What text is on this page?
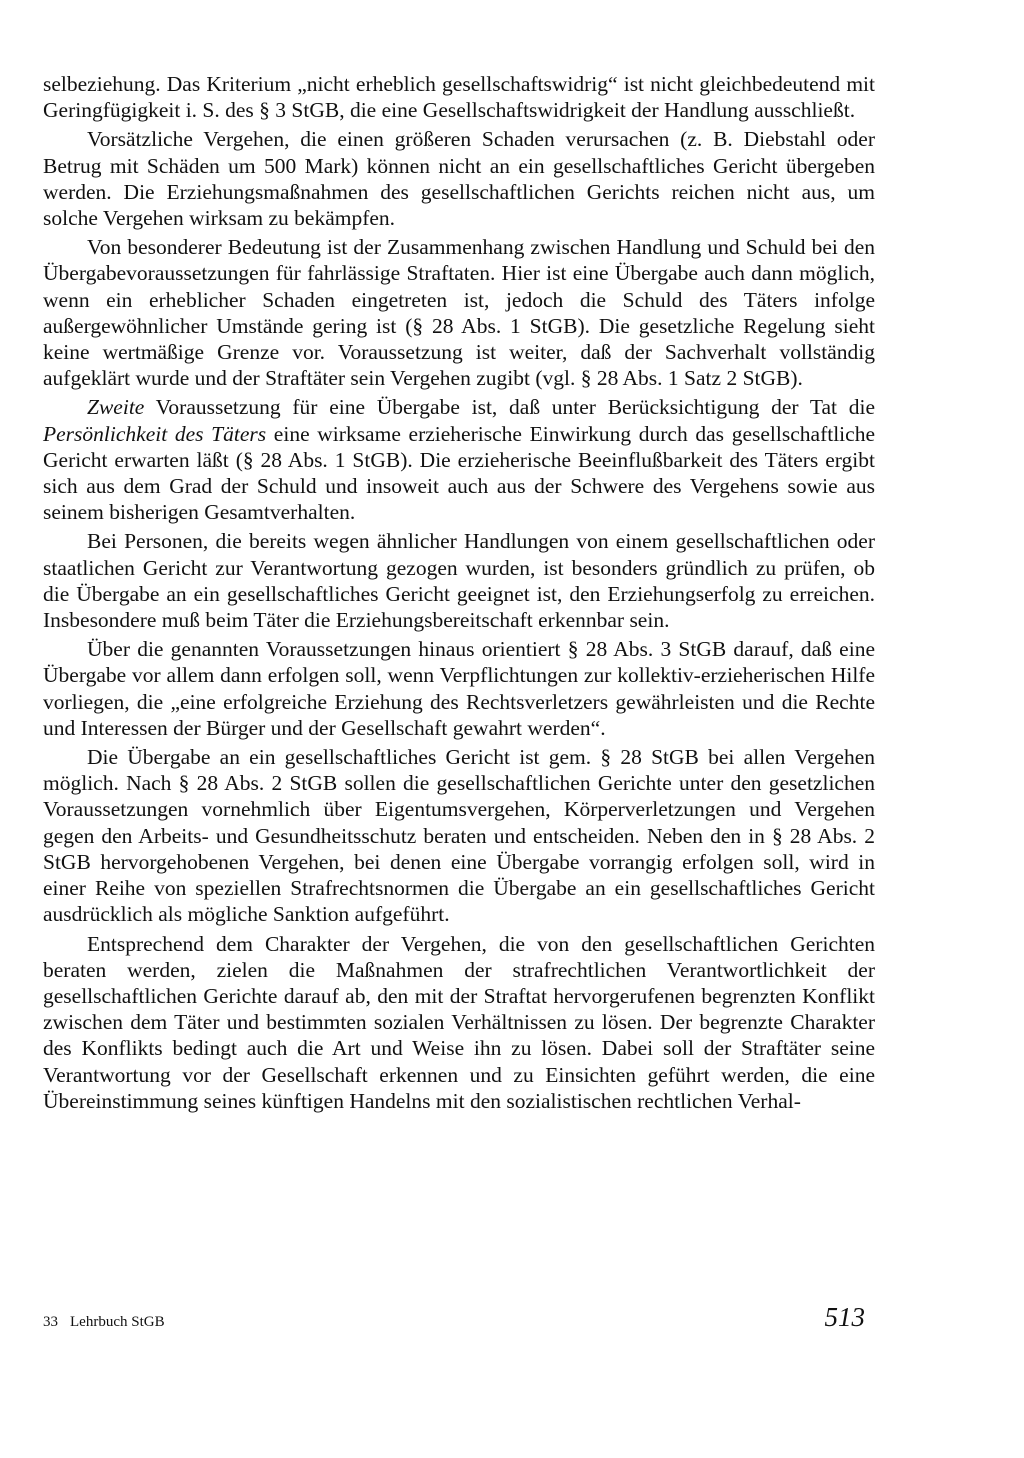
selbeziehung. Das Kriterium „nicht erheblich gesellschaftswidrig“ ist nicht gleichbedeutend mit Geringfügigkeit i. S. des § 3 StGB, die eine Gesellschaftswidrigkeit der Handlung ausschließt.

Vorsätzliche Vergehen, die einen größeren Schaden verursachen (z. B. Diebstahl oder Betrug mit Schäden um 500 Mark) können nicht an ein gesellschaftliches Gericht übergeben werden. Die Erziehungsmaßnahmen des gesellschaftlichen Gerichts reichen nicht aus, um solche Vergehen wirksam zu bekämpfen.

Von besonderer Bedeutung ist der Zusammenhang zwischen Handlung und Schuld bei den Übergabevoraussetzungen für fahrlässige Straftaten. Hier ist eine Übergabe auch dann möglich, wenn ein erheblicher Schaden eingetreten ist, jedoch die Schuld des Täters infolge außergewöhnlicher Umstände gering ist (§ 28 Abs. 1 StGB). Die gesetzliche Regelung sieht keine wertmäßige Grenze vor. Voraussetzung ist weiter, daß der Sachverhalt vollständig aufgeklärt wurde und der Straftäter sein Vergehen zugibt (vgl. § 28 Abs. 1 Satz 2 StGB).

Zweite Voraussetzung für eine Übergabe ist, daß unter Berücksichtigung der Tat die Persönlichkeit des Täters eine wirksame erzieherische Einwirkung durch das gesellschaftliche Gericht erwarten läßt (§ 28 Abs. 1 StGB). Die erzieherische Beeinflußbarkeit des Täters ergibt sich aus dem Grad der Schuld und insoweit auch aus der Schwere des Vergehens sowie aus seinem bisherigen Gesamtverhalten.

Bei Personen, die bereits wegen ähnlicher Handlungen von einem gesellschaftlichen oder staatlichen Gericht zur Verantwortung gezogen wurden, ist besonders gründlich zu prüfen, ob die Übergabe an ein gesellschaftliches Gericht geeignet ist, den Erziehungserfolg zu erreichen. Insbesondere muß beim Täter die Erziehungsbereitschaft erkennbar sein.

Über die genannten Voraussetzungen hinaus orientiert § 28 Abs. 3 StGB darauf, daß eine Übergabe vor allem dann erfolgen soll, wenn Verpflichtungen zur kollektiv-erzieherischen Hilfe vorliegen, die „eine erfolgreiche Erziehung des Rechtsverletzers gewährleisten und die Rechte und Interessen der Bürger und der Gesellschaft gewahrt werden“.

Die Übergabe an ein gesellschaftliches Gericht ist gem. § 28 StGB bei allen Vergehen möglich. Nach § 28 Abs. 2 StGB sollen die gesellschaftlichen Gerichte unter den gesetzlichen Voraussetzungen vornehmlich über Eigentumsvergehen, Körperverletzungen und Vergehen gegen den Arbeits- und Gesundheitsschutz beraten und entscheiden. Neben den in § 28 Abs. 2 StGB hervorgehobenen Vergehen, bei denen eine Übergabe vorrangig erfolgen soll, wird in einer Reihe von speziellen Strafrechtsnormen die Übergabe an ein gesellschaftliches Gericht ausdrücklich als mögliche Sanktion aufgeführt.

Entsprechend dem Charakter der Vergehen, die von den gesellschaftlichen Gerichten beraten werden, zielen die Maßnahmen der strafrechtlichen Verantwortlichkeit der gesellschaftlichen Gerichte darauf ab, den mit der Straftat hervorgerufenen begrenzten Konflikt zwischen dem Täter und bestimmten sozialen Verhältnissen zu lösen. Der begrenzte Charakter des Konflikts bedingt auch die Art und Weise ihn zu lösen. Dabei soll der Straftäter seine Verantwortung vor der Gesellschaft erkennen und zu Einsichten geführt werden, die eine Übereinstimmung seines künftigen Handelns mit den sozialistischen rechtlichen Verhal-

33 Lehrbuch StGB	513
